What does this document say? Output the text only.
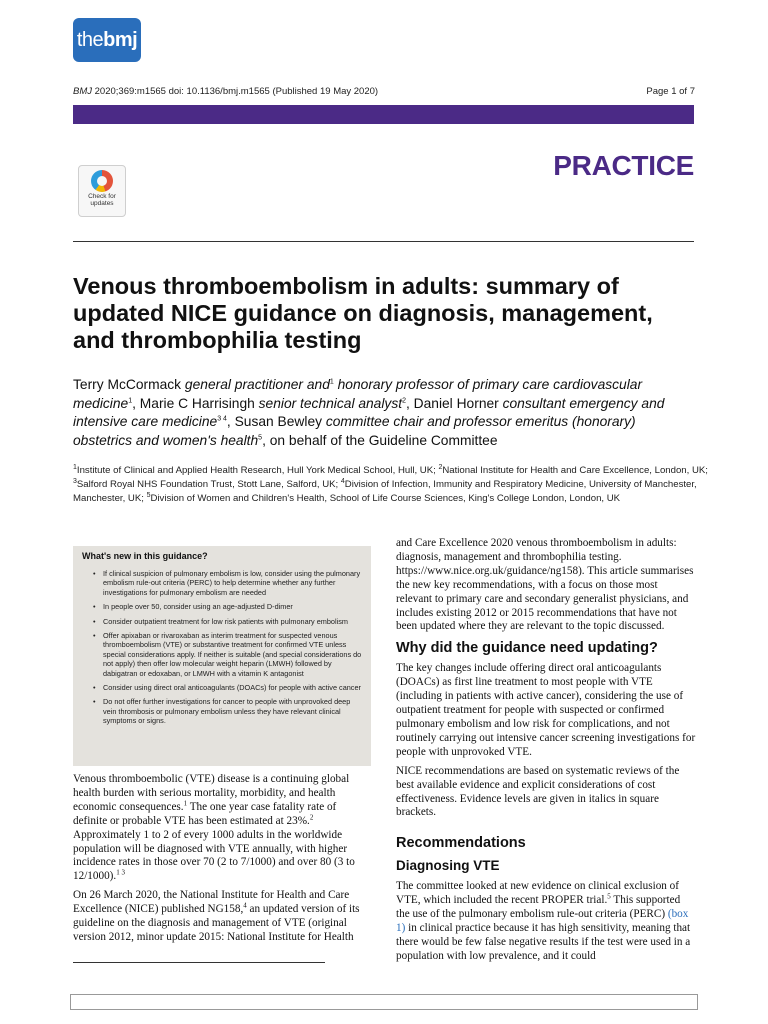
the bmj
BMJ 2020;369:m1565 doi: 10.1136/bmj.m1565 (Published 19 May 2020)	Page 1 of 7
PRACTICE
Check for
updates
Venous thromboembolism in adults: summary of updated NICE guidance on diagnosis, management, and thrombophilia testing
Terry McCormack general practitioner and$^1$ honorary professor of primary care cardiovascular medicine$^1$, Marie C Harrisingh senior technical analyst$^2$, Daniel Horner consultant emergency and intensive care medicine$^{3 4}$, Susan Bewley committee chair and professor emeritus (honorary) obstetrics and women's health$^5$, on behalf of the Guideline Committee
$^1$Institute of Clinical and Applied Health Research, Hull York Medical School, Hull, UK; $^2$National Institute for Health and Care Excellence, London, UK; $^3$Salford Royal NHS Foundation Trust, Stott Lane, Salford, UK; $^4$Division of Infection, Immunity and Respiratory Medicine, University of Manchester, Manchester, UK; $^5$Division of Women and Children's Health, School of Life Course Sciences, King's College London, London, UK
What's new in this guidance?
• If clinical suspicion of pulmonary embolism is low, consider using the pulmonary embolism rule-out criteria (PERC) to help determine whether any further investigations for pulmonary embolism are needed
• In people over 50, consider using an age-adjusted D-dimer
• Consider outpatient treatment for low risk patients with pulmonary embolism
• Offer apixaban or rivaroxaban as interim treatment for suspected venous thromboembolism (VTE) or substantive treatment for confirmed VTE unless special considerations apply. If neither is suitable (and special considerations do not apply) then offer low molecular weight heparin (LMWH) followed by dabigatran or edoxaban, or LMWH with a vitamin K antagonist
• Consider using direct oral anticoagulants (DOACs) for people with active cancer
• Do not offer further investigations for cancer to people with unprovoked deep vein thrombosis or pulmonary embolism unless they have relevant clinical symptoms or signs.

Venous thromboembolic (VTE) disease is a continuing global health burden with serious mortality, morbidity, and health economic consequences.$^1$ The one year case fatality rate of definite or probable VTE has been estimated at 23%.$^2$ Approximately 1 to 2 of every 1000 adults in the worldwide population will be diagnosed with VTE annually, with higher incidence rates in those over 70 (2 to 7/1000) and over 80 (3 to 12/1000).$^{1 3}$

On 26 March 2020, the National Institute for Health and Care Excellence (NICE) published NG158,$^4$ an updated version of its guideline on the diagnosis and management of VTE (original version 2012, minor update 2015: National Institute for Health

and Care Excellence 2020 venous thromboembolism in adults: diagnosis, management and thrombophilia testing. https://www.nice.org.uk/guidance/ng158). This article summarises the new key recommendations, with a focus on those most relevant to primary care and secondary generalist physicians, and includes existing 2012 or 2015 recommendations that have not been updated where they are relevant to the topic discussed.

Why did the guidance need updating?

The key changes include offering direct oral anticoagulants (DOACs) as first line treatment to most people with VTE (including in patients with active cancer), considering the use of outpatient treatment for people with suspected or confirmed pulmonary embolism and low risk for complications, and not routinely carrying out intensive cancer screening investigations for people with unprovoked VTE.

NICE recommendations are based on systematic reviews of the best available evidence and explicit considerations of cost effectiveness. Evidence levels are given in italics in square brackets.

Recommendations
Diagnosing VTE

The committee looked at new evidence on clinical exclusion of VTE, which included the recent PROPER trial.$^5$ This supported the use of the pulmonary embolism rule-out criteria (PERC) (box 1) in clinical practice because it has high sensitivity, meaning that there would be few false negative results if the test were used in a population with low prevalence, and it could
